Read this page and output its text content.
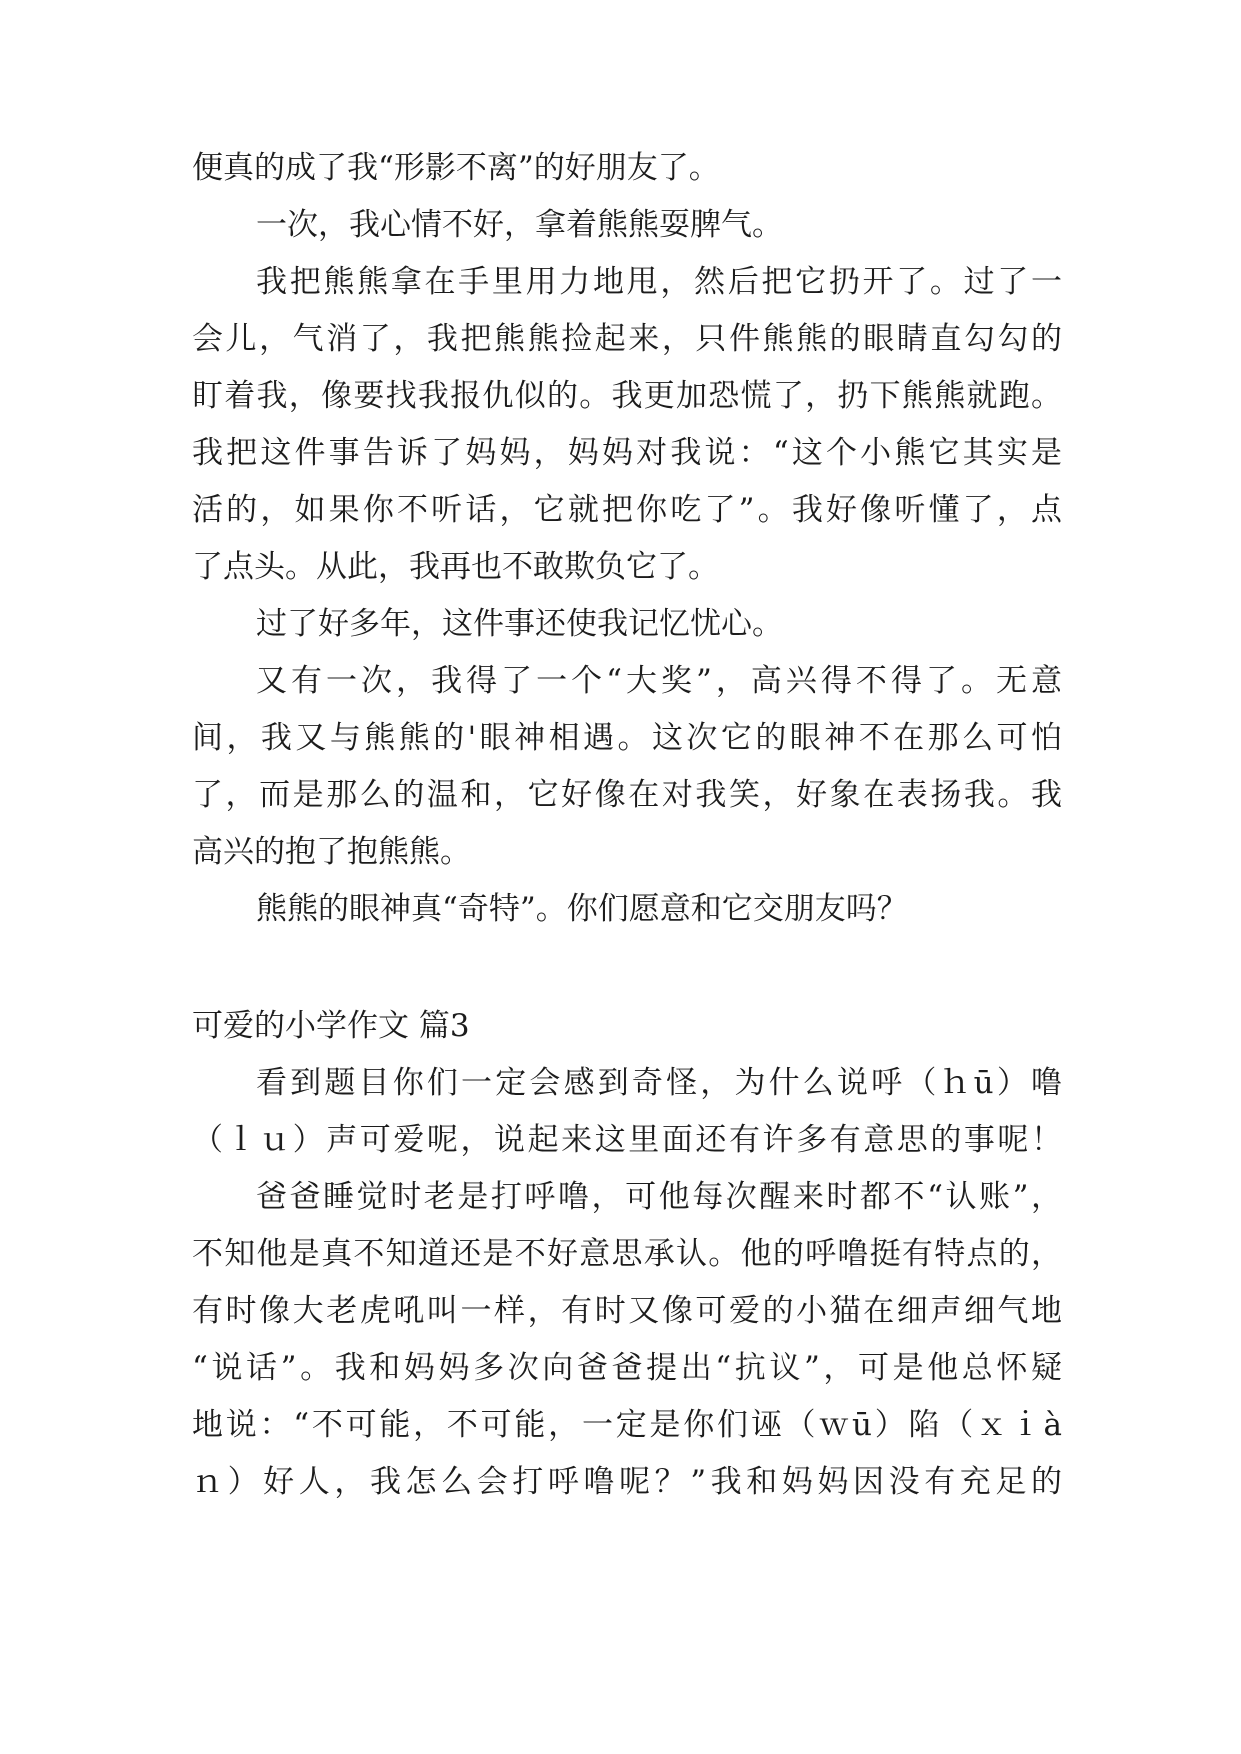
便真的成了我“形影不离”的好朋友了。
一次，我心情不好，拿着熊熊耍脾气。
我把熊熊拿在手里用力地甩，然后把它扔开了。过了一
会儿，气消了，我把熊熊捡起来，只件熊熊的眼睛直勾勾的
盯着我，像要找我报仇似的。我更加恐慌了，扔下熊熊就跑。
我把这件事告诉了妈妈，妈妈对我说：“这个小熊它其实是
活的，如果你不听话，它就把你吃了”。我好像听懂了，点
了点头。从此，我再也不敢欺负它了。
过了好多年，这件事还使我记忆忧心。
又有一次，我得了一个“大奖”，高兴得不得了。无意
间，我又与熊熊的'眼神相遇。这次它的眼神不在那么可怕
了，而是那么的温和，它好像在对我笑，好象在表扬我。我
高兴的抱了抱熊熊。
熊熊的眼神真“奇特”。你们愿意和它交朋友吗？
可爱的小学作文 篇3
看到题目你们一定会感到奇怪，为什么说呼（ｈū）噜
（ｌｕ）声可爱呢，说起来这里面还有许多有意思的事呢！
爸爸睡觉时老是打呼噜，可他每次醒来时都不“认账”，
不知他是真不知道还是不好意思承认。他的呼噜挺有特点的，
有时像大老虎吼叫一样，有时又像可爱的小猫在细声细气地
“说话”。我和妈妈多次向爸爸提出“抗议”，可是他总怀疑
地说：“不可能，不可能，一定是你们诬（ｗū）陷（ｘｉà
ｎ）好人，我怎么会打呼噜呢？”我和妈妈因没有充足的
